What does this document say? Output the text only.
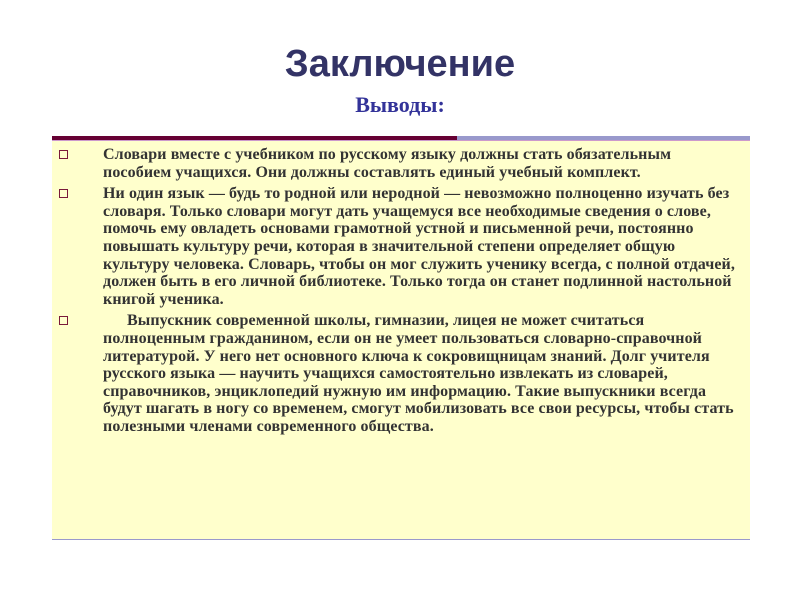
Заключение
Выводы:
Словари вместе с учебником по русскому языку должны стать обязательным пособием учащихся. Они должны составлять единый учебный комплект.
Ни один язык — будь то родной или неродной — невозможно полноценно изучать без словаря. Только словари могут дать учащемуся все необходимые сведения о слове, помочь ему овладеть основами грамотной устной и письменной речи, постоянно повышать культуру речи, которая в значительной степени определяет общую культуру человека. Словарь, чтобы он мог служить ученику всегда, с полной отдачей, должен быть в его личной библиотеке. Только тогда он станет подлинной настольной книгой ученика.
Выпускник современной школы, гимназии, лицея не может считаться полноценным гражданином, если он не умеет пользоваться словарно-справочной литературой. У него нет основного ключа к сокровищницам знаний. Долг учителя русского языка — научить учащихся самостоятельно извлекать из словарей, справочников, энциклопедий нужную им информацию. Такие выпускники всегда будут шагать в ногу со временем, смогут мобилизовать все свои ресурсы, чтобы стать полезными членами современного общества.
